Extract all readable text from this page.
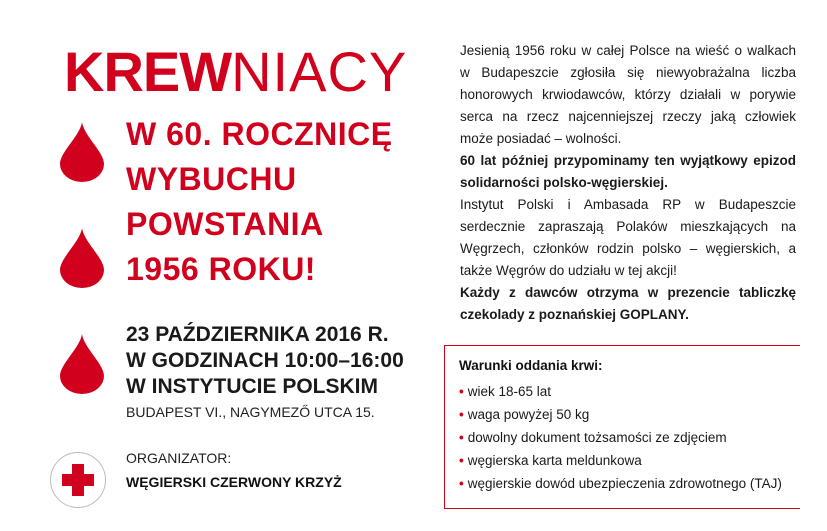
KREWNIACY
W 60. ROCZNICĘ
WYBUCHU
POWSTANIA
1956 ROKU!
23 PAŹDZIERNIKA 2016 R.
W GODZINACH 10:00–16:00
W INSTYTUCIE POLSKIM
BUDAPEST VI., NAGYMEZŐ UTCA 15.
ORGANIZATOR:
WĘGIERSKI CZERWONY KRZYŻ

Jesienią 1956 roku w całej Polsce na wieść o walkach w Budapeszcie zgłosiła się niewyobrażalna liczba honorowych krwiodawców, którzy działali w porywie serca na rzecz najcenniejszej rzeczy jaką człowiek może posiadać – wolności.

60 lat później przypominamy ten wyjątkowy epizod solidarności polsko-węgierskiej.

Instytut Polski i Ambasada RP w Budapeszcie serdecznie zapraszają Polaków mieszkających na Węgrzech, członków rodzin polsko – węgierskich, a także Węgrów do udziału w tej akcji!

Każdy z dawców otrzyma w prezencie tabliczkę czekolady z poznańskiej GOPLANY.

Warunki oddania krwi:
• wiek 18-65 lat
• waga powyżej 50 kg
• dowolny dokument tożsamości ze zdjęciem
• węgierska karta meldunkowa
• węgierskie dowód ubezpieczenia zdrowotnego (TAJ)
